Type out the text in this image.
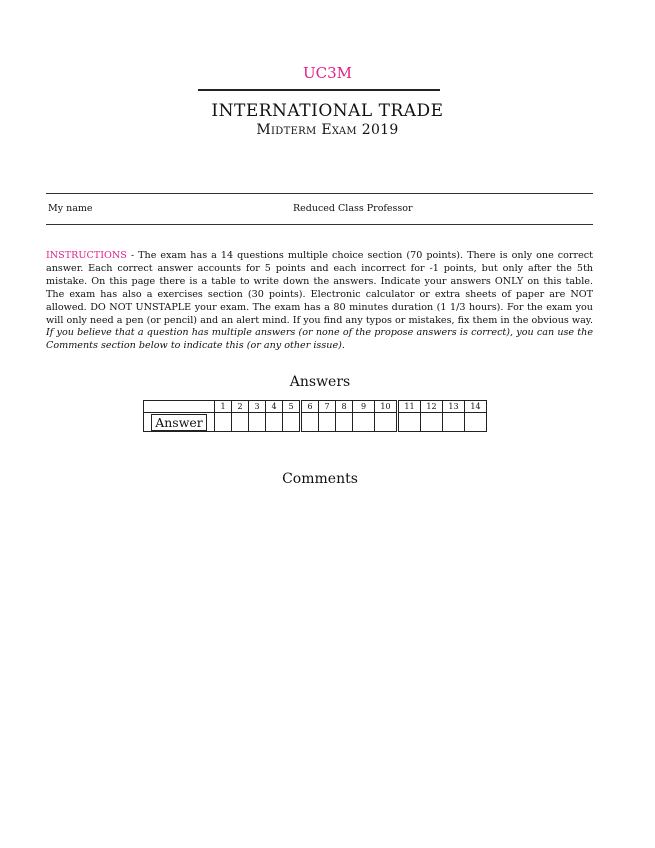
UC3M
INTERNATIONAL TRADE
Midterm Exam 2019
My name	Reduced Class Professor
INSTRUCTIONS - The exam has a 14 questions multiple choice section (70 points). There is only one correct answer. Each correct answer accounts for 5 points and each incorrect for -1 points, but only after the 5th mistake. On this page there is a table to write down the answers. Indicate your answers ONLY on this table. The exam has also a exercises section (30 points). Electronic calculator or extra sheets of paper are NOT allowed. DO NOT UNSTAPLE your exam. The exam has a 80 minutes duration (1 1/3 hours). For the exam you will only need a pen (or pencil) and an alert mind. If you find any typos or mistakes, fix them in the obvious way. If you believe that a question has multiple answers (or none of the propose answers is correct), you can use the Comments section below to indicate this (or any other issue).
Answers
	1	2	3	4	5	6	7	8	9	10	11	12	13	14
Answer														
Comments
